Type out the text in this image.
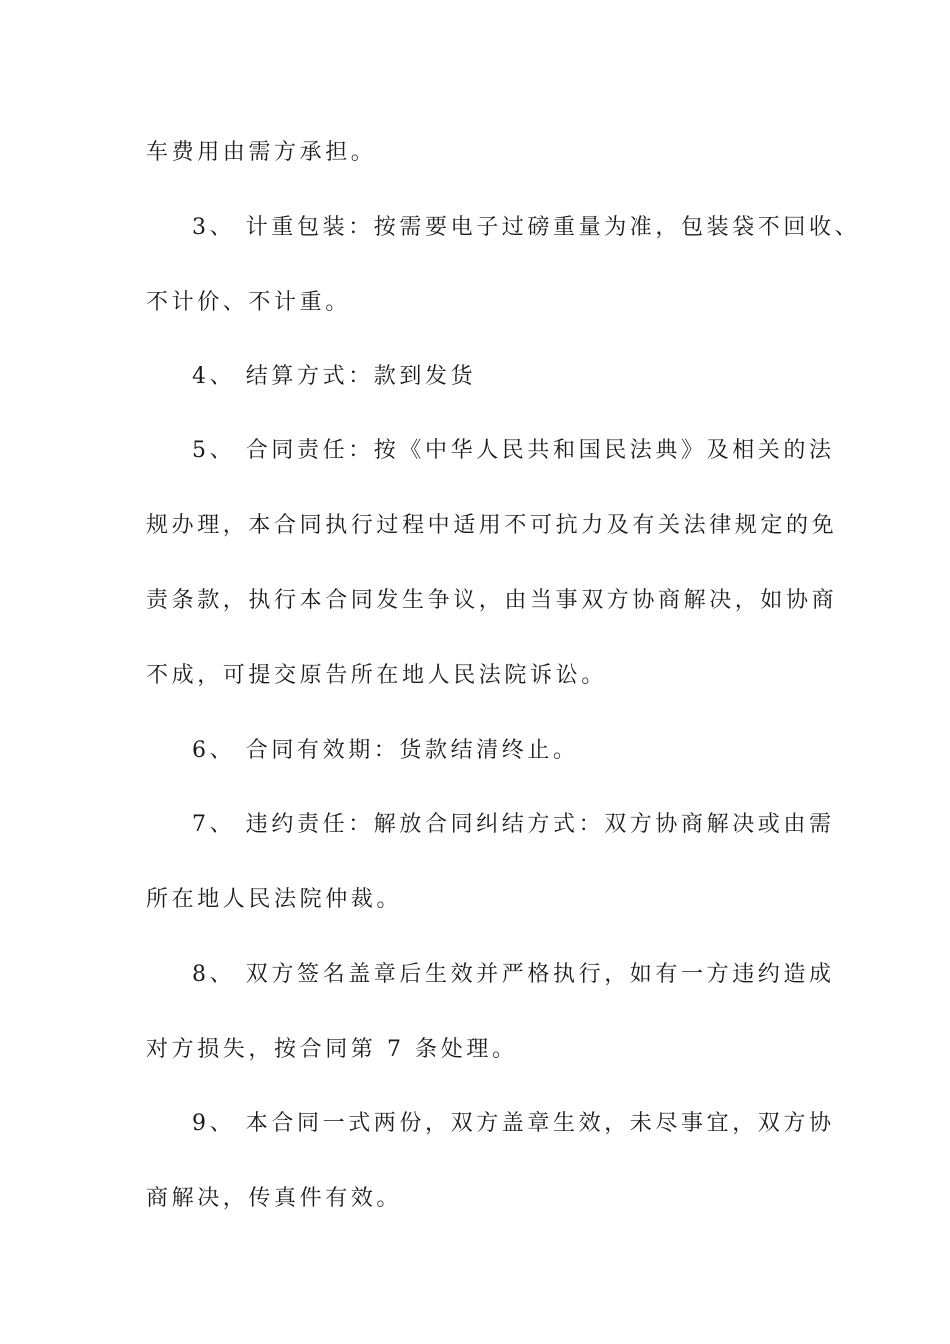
车费用由需方承担。
3、 计重包装：按需要电子过磅重量为准，包装袋不回收、
不计价、不计重。
4、 结算方式：款到发货
5、 合同责任：按《中华人民共和国民法典》及相关的法
规办理，本合同执行过程中适用不可抗力及有关法律规定的免
责条款，执行本合同发生争议，由当事双方协商解决，如协商
不成，可提交原告所在地人民法院诉讼。
6、 合同有效期：货款结清终止。
7、 违约责任：解放合同纠结方式：双方协商解决或由需
所在地人民法院仲裁。
8、 双方签名盖章后生效并严格执行，如有一方违约造成
对方损失，按合同第 7 条处理。
9、 本合同一式两份，双方盖章生效，未尽事宜，双方协
商解决，传真件有效。
